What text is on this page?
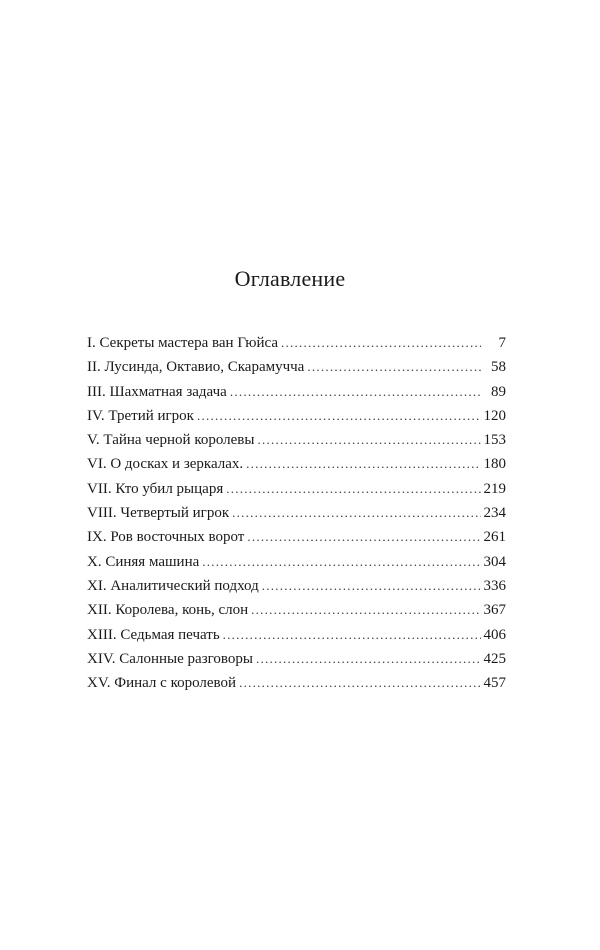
Оглавление
I. Секреты мастера ван Гюйса . . .	7
II. Лусинда, Октавио, Скарамучча . . .	58
III. Шахматная задача . . .	89
IV. Третий игрок . . .	120
V. Тайна черной королевы . . .	153
VI. О досках и зеркалах. . . .	180
VII. Кто убил рыцаря . . .	219
VIII. Четвертый игрок . . .	234
IX. Ров восточных ворот . . .	261
X. Синяя машина . . .	304
XI. Аналитический подход . . .	336
XII. Королева, конь, слон . . .	367
XIII. Седьмая печать . . .	406
XIV. Салонные разговоры . . .	425
XV. Финал с королевой . . .	457
